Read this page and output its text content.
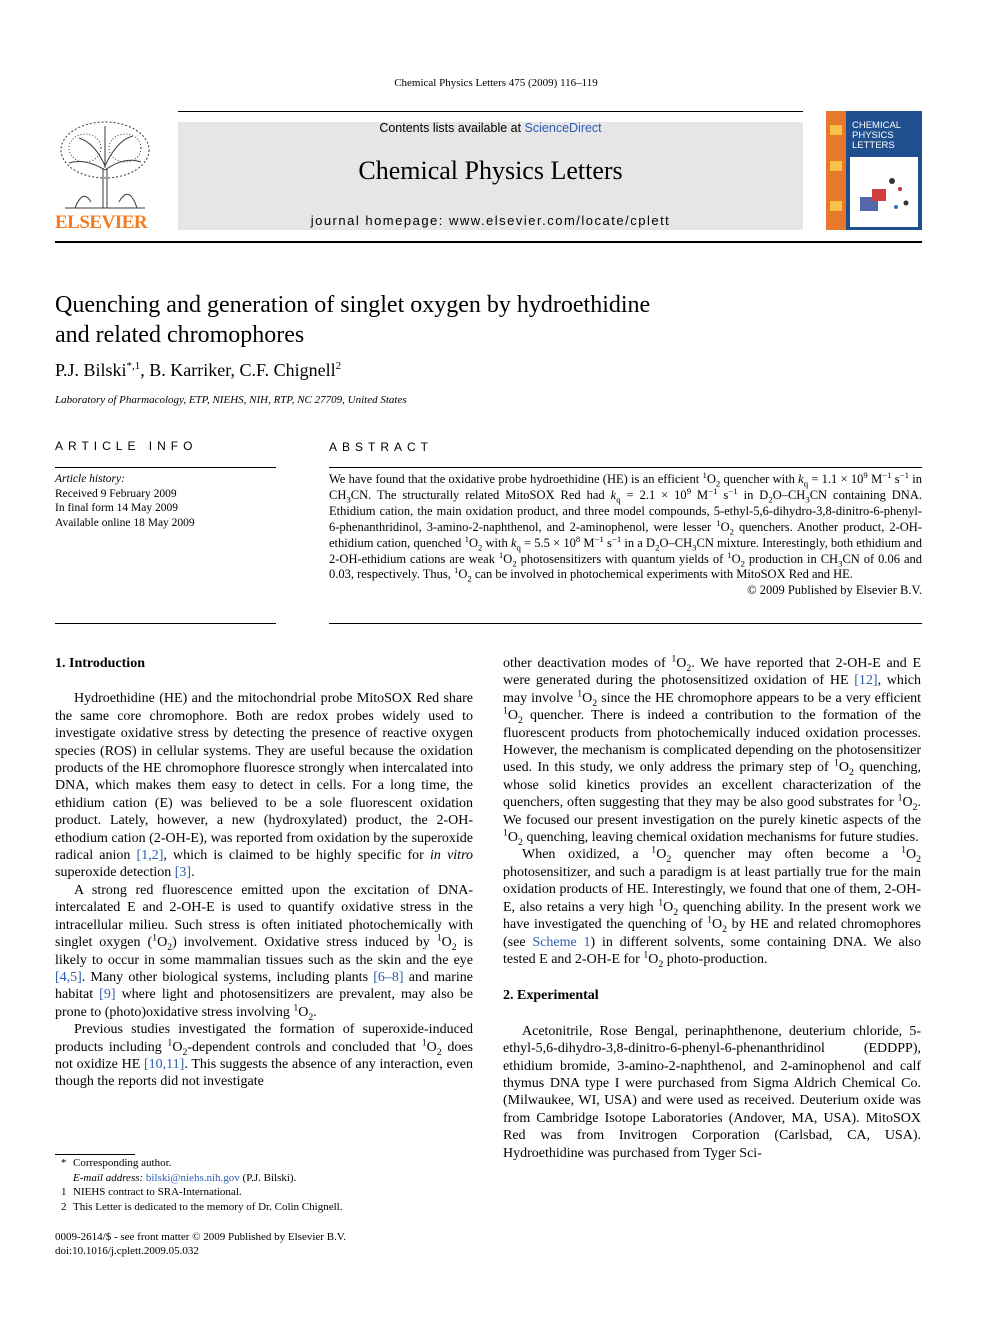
Chemical Physics Letters 475 (2009) 116–119
ELSEVIER
Contents lists available at ScienceDirect
Chemical Physics Letters
journal homepage: www.elsevier.com/locate/cplett
CHEMICAL
PHYSICS
LETTERS
Quenching and generation of singlet oxygen by hydroethidine
and related chromophores
P.J. Bilski$^{*,1}$, B. Karriker, C.F. Chignell$^2$
Laboratory of Pharmacology, ETP, NIEHS, NIH, RTP, NC 27709, United States
ARTICLE INFO
Article history:
Received 9 February 2009
In final form 14 May 2009
Available online 18 May 2009
ABSTRACT

We have found that the oxidative probe hydroethidine (HE) is an efficient $^1O_2$ quencher with $k_q = 1.1 \times 10^9$ $M^{-1}$ $s^{-1}$ in $CH_3CN$. The structurally related MitoSOX Red had $k_q = 2.1 \times 10^9$ $M^{-1}$ $s^{-1}$ in $D_2O-CH_3CN$ containing DNA. Ethidium cation, the main oxidation product, and three model compounds, 5-ethyl-5,6-dihydro-3,8-dinitro-6-phenyl-6-phenanthridinol, 3-amino-2-naphthenol, and 2-aminophenol, were lesser $^1O_2$ quenchers. Another product, 2-OH-ethidium cation, quenched $^1O_2$ with $k_q = 5.5 \times 10^8$ $M^{-1}$ $s^{-1}$ in a $D_2O-CH_3CN$ mixture. Interestingly, both ethidium and 2-OH-ethidium cations are weak $^1O_2$ photosensitizers with quantum yields of $^1O_2$ production in $CH_3CN$ of 0.06 and 0.03, respectively. Thus, $^1O_2$ can be involved in photochemical experiments with MitoSOX Red and HE.

© 2009 Published by Elsevier B.V.

1. Introduction

Hydroethidine (HE) and the mitochondrial probe MitoSOX Red share the same core chromophore. Both are redox probes widely used to investigate oxidative stress by detecting the presence of reactive oxygen species (ROS) in cellular systems. They are useful because the oxidation products of the HE chromophore fluoresce strongly when intercalated into DNA, which makes them easy to detect in cells. For a long time, the ethidium cation (E) was believed to be a sole fluorescent oxidation product. Lately, however, a new (hydroxylated) product, the 2-OH-ethodium cation (2-OH-E), was reported from oxidation by the superoxide radical anion [1,2], which is claimed to be highly specific for in vitro superoxide detection [3].

A strong red fluorescence emitted upon the excitation of DNA-intercalated E and 2-OH-E is used to quantify oxidative stress in the intracellular milieu. Such stress is often initiated photochemically with singlet oxygen $(^1O_2)$ involvement. Oxidative stress induced by $^1O_2$ is likely to occur in some mammalian tissues such as the skin and the eye [4,5]. Many other biological systems, including plants [6–8] and marine habitat [9] where light and photosensitizers are prevalent, may also be prone to (photo)oxidative stress involving $^1O_2$.

Previous studies investigated the formation of superoxide-induced products including $^1O_2$-dependent controls and concluded that $^1O_2$ does not oxidize HE [10,11]. This suggests the absence of any interaction, even though the reports did not investigate

other deactivation modes of $^1O_2$. We have reported that 2-OH-E and E were generated during the photosensitized oxidation of HE [12], which may involve $^1O_2$ since the HE chromophore appears to be a very efficient $^1O_2$ quencher. There is indeed a contribution to the formation of the fluorescent products from photochemically induced oxidation processes. However, the mechanism is complicated depending on the photosensitizer used. In this study, we only address the primary step of $^1O_2$ quenching, whose solid kinetics provides an excellent characterization of the quenchers, often suggesting that they may be also good substrates for $^1O_2$. We focused our present investigation on the purely kinetic aspects of the $^1O_2$ quenching, leaving chemical oxidation mechanisms for future studies.

When oxidized, a $^1O_2$ quencher may often become a $^1O_2$ photosensitizer, and such a paradigm is at least partially true for the main oxidation products of HE. Interestingly, we found that one of them, 2-OH-E, also retains a very high $^1O_2$ quenching ability. In the present work we have investigated the quenching of $^1O_2$ by HE and related chromophores (see Scheme 1) in different solvents, some containing DNA. We also tested E and 2-OH-E for $^1O_2$ photo-production.

2. Experimental

Acetonitrile, Rose Bengal, perinaphthenone, deuterium chloride, 5-ethyl-5,6-dihydro-3,8-dinitro-6-phenyl-6-phenanthridinol (EDDPP), ethidium bromide, 3-amino-2-naphthenol, and 2-aminophenol and calf thymus DNA type I were purchased from Sigma Aldrich Chemical Co. (Milwaukee, WI, USA) and were used as received. Deuterium oxide was from Cambridge Isotope Laboratories (Andover, MA, USA). MitoSOX Red was from Invitrogen Corporation (Carlsbad, CA, USA). Hydroethidine was purchased from Tyger Sci-

* Corresponding author.
E-mail address: bilski@niehs.nih.gov (P.J. Bilski).
1 NIEHS contract to SRA-International.
2 This Letter is dedicated to the memory of Dr. Colin Chignell.
0009-2614/$ - see front matter © 2009 Published by Elsevier B.V.
doi:10.1016/j.cplett.2009.05.032
